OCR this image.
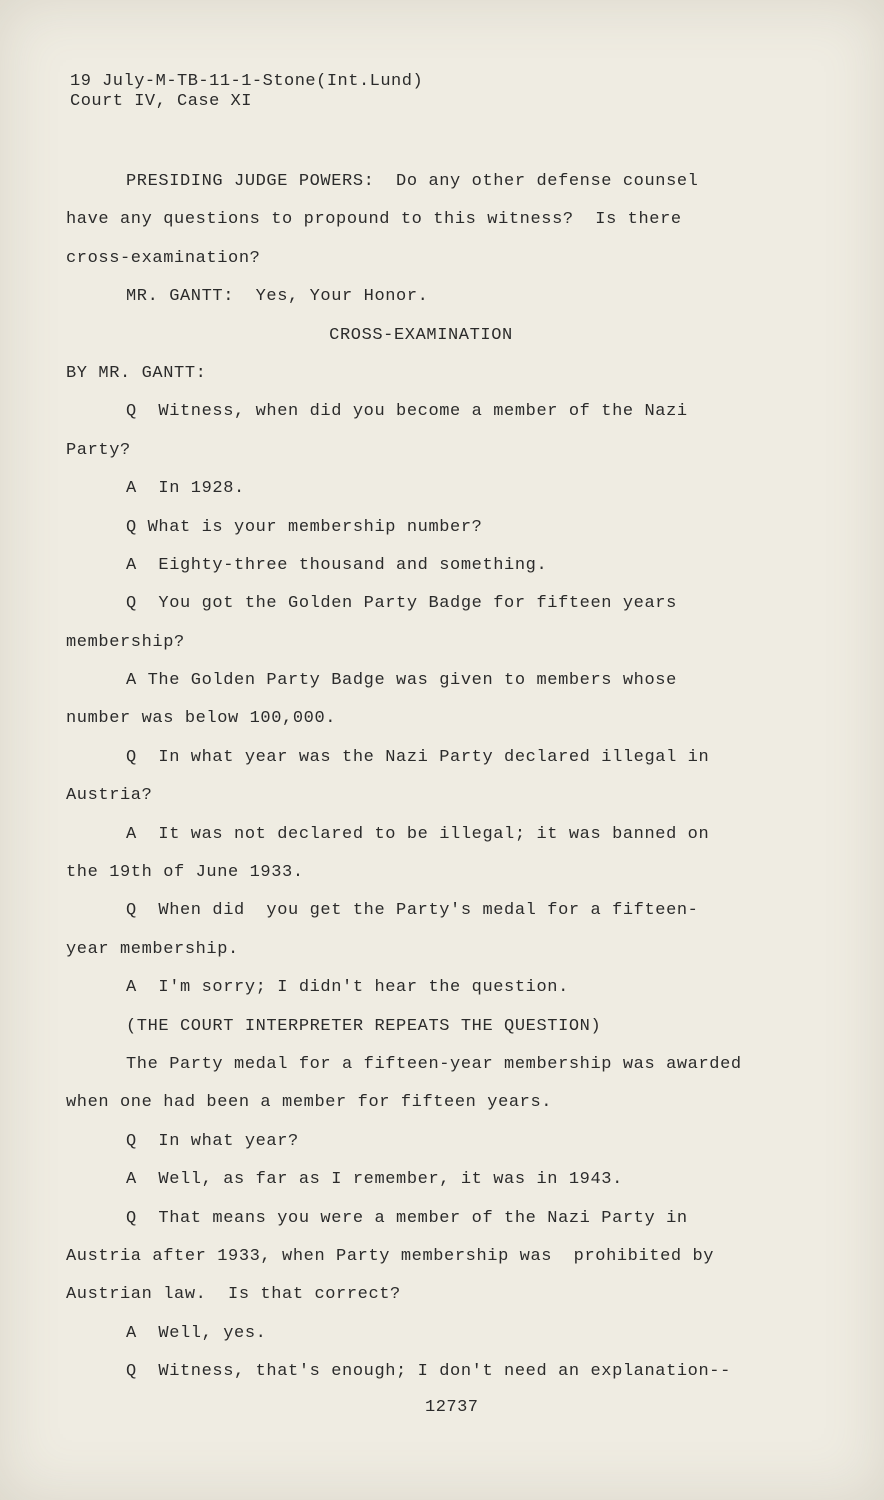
19 July-M-TB-11-1-Stone(Int.Lund)
Court IV, Case XI
PRESIDING JUDGE POWERS:  Do any other defense counsel
have any questions to propound to this witness?  Is there
cross-examination?
MR. GANTT:  Yes, Your Honor.
CROSS-EXAMINATION
BY MR. GANTT:
Q  Witness, when did you become a member of the Nazi
Party?
A  In 1928.
Q What is your membership number?
A  Eighty-three thousand and something.
Q  You got the Golden Party Badge for fifteen years
membership?
A The Golden Party Badge was given to members whose
number was below 100,000.
Q  In what year was the Nazi Party declared illegal in
Austria?
A  It was not declared to be illegal; it was banned on
the 19th of June 1933.
Q  When did  you get the Party's medal for a fifteen-
year membership.
A  I'm sorry; I didn't hear the question.
(THE COURT INTERPRETER REPEATS THE QUESTION)
The Party medal for a fifteen-year membership was awarded
when one had been a member for fifteen years.
Q  In what year?
A  Well, as far as I remember, it was in 1943.
Q  That means you were a member of the Nazi Party in
Austria after 1933, when Party membership was  prohibited by
Austrian law.  Is that correct?
A  Well, yes.
Q  Witness, that's enough; I don't need an explanation--
12737
